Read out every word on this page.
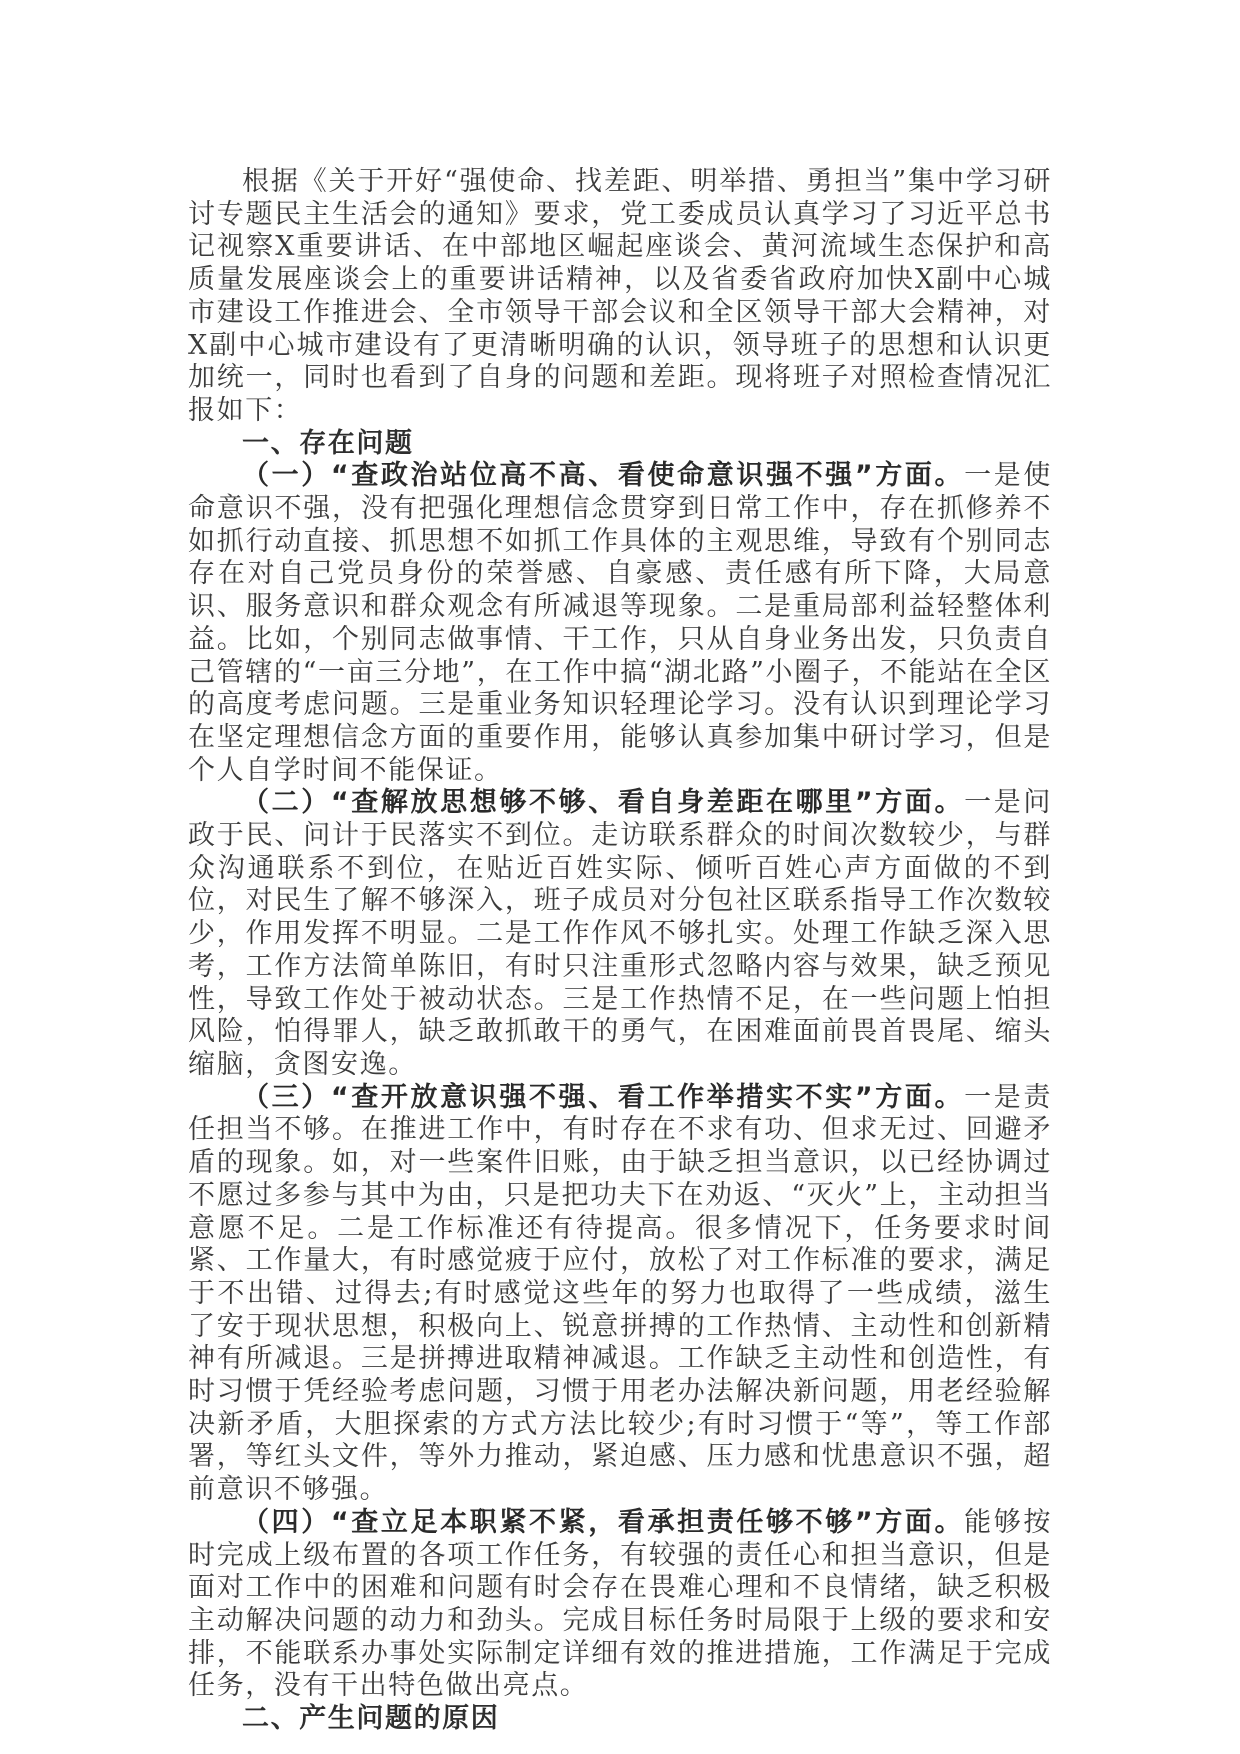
根据《关于开好“强使命、找差距、明举措、勇担当”集中学习研讨专题民主生活会的通知》要求，党工委成员认真学习了习近平总书记视察X重要讲话、在中部地区崛起座谈会、黄河流域生态保护和高质量发展座谈会上的重要讲话精神，以及省委省政府加快X副中心城市建设工作推进会、全市领导干部会议和全区领导干部大会精神，对X副中心城市建设有了更清晰明确的认识，领导班子的思想和认识更加统一，同时也看到了自身的问题和差距。现将班子对照检查情况汇报如下：

一、存在问题

（一）“查政治站位高不高、看使命意识强不强”方面。一是使命意识不强，没有把强化理想信念贯穿到日常工作中，存在抓修养不如抓行动直接、抓思想不如抓工作具体的主观思维，导致有个别同志存在对自己党员身份的荣誉感、自豪感、责任感有所下降，大局意识、服务意识和群众观念有所减退等现象。二是重局部利益轻整体利益。比如，个别同志做事情、干工作，只从自身业务出发，只负责自己管辖的“一亩三分地”，在工作中搞“湖北路”小圈子，不能站在全区的高度考虑问题。三是重业务知识轻理论学习。没有认识到理论学习在坚定理想信念方面的重要作用，能够认真参加集中研讨学习，但是个人自学时间不能保证。

（二）“查解放思想够不够、看自身差距在哪里”方面。一是问政于民、问计于民落实不到位。走访联系群众的时间次数较少，与群众沟通联系不到位，在贴近百姓实际、倾听百姓心声方面做的不到位，对民生了解不够深入，班子成员对分包社区联系指导工作次数较少，作用发挥不明显。二是工作作风不够扎实。处理工作缺乏深入思考，工作方法简单陈旧，有时只注重形式忽略内容与效果，缺乏预见性，导致工作处于被动状态。三是工作热情不足，在一些问题上怕担风险，怕得罪人，缺乏敢抓敢干的勇气，在困难面前畏首畏尾、缩头缩脑，贪图安逸。

（三）“查开放意识强不强、看工作举措实不实”方面。一是责任担当不够。在推进工作中，有时存在不求有功、但求无过、回避矛盾的现象。如，对一些案件旧账，由于缺乏担当意识，以已经协调过不愿过多参与其中为由，只是把功夫下在劝返、“灭火”上，主动担当意愿不足。二是工作标准还有待提高。很多情况下，任务要求时间紧、工作量大，有时感觉疲于应付，放松了对工作标准的要求，满足于不出错、过得去;有时感觉这些年的努力也取得了一些成绩，滋生了安于现状思想，积极向上、锐意拼搏的工作热情、主动性和创新精神有所减退。三是拼搏进取精神减退。工作缺乏主动性和创造性，有时习惯于凭经验考虑问题，习惯于用老办法解决新问题，用老经验解决新矛盾，大胆探索的方式方法比较少;有时习惯于“等”，等工作部署，等红头文件，等外力推动，紧迫感、压力感和忧患意识不强，超前意识不够强。

（四）“查立足本职紧不紧，看承担责任够不够”方面。能够按时完成上级布置的各项工作任务，有较强的责任心和担当意识，但是面对工作中的困难和问题有时会存在畏难心理和不良情绪，缺乏积极主动解决问题的动力和劲头。完成目标任务时局限于上级的要求和安排，不能联系办事处实际制定详细有效的推进措施，工作满足于完成任务，没有干出特色做出亮点。

二、产生问题的原因
